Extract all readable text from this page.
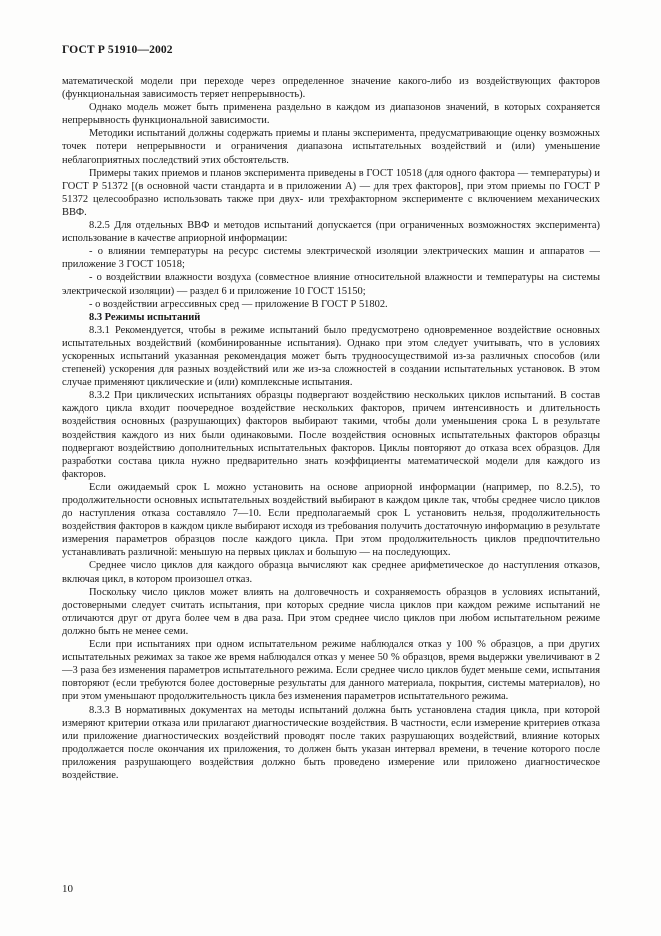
ГОСТ Р 51910—2002

математической модели при переходе через определенное значение какого-либо из воздействующих факторов (функциональная зависимость теряет непрерывность).

Однако модель может быть применена раздельно в каждом из диапазонов значений, в которых сохраняется непрерывность функциональной зависимости.

Методики испытаний должны содержать приемы и планы эксперимента, предусматривающие оценку возможных точек потери непрерывности и ограничения диапазона испытательных воздействий и (или) уменьшение неблагоприятных последствий этих обстоятельств.

Примеры таких приемов и планов эксперимента приведены в ГОСТ 10518 (для одного фактора — температуры) и ГОСТ Р 51372 [(в основной части стандарта и в приложении А) — для трех факторов], при этом приемы по ГОСТ Р 51372 целесообразно использовать также при двух- или трехфакторном эксперименте с включением механических ВВФ.

8.2.5 Для отдельных ВВФ и методов испытаний допускается (при ограниченных возможностях эксперимента) использование в качестве априорной информации:

- о влиянии температуры на ресурс системы электрической изоляции электрических машин и аппаратов — приложение 3 ГОСТ 10518;

- о воздействии влажности воздуха (совместное влияние относительной влажности и температуры на системы электрической изоляции) — раздел 6 и приложение 10 ГОСТ 15150;

- о воздействии агрессивных сред — приложение В ГОСТ Р 51802.

8.3 Режимы испытаний

8.3.1 Рекомендуется, чтобы в режиме испытаний было предусмотрено одновременное воздействие основных испытательных воздействий (комбинированные испытания). Однако при этом следует учитывать, что в условиях ускоренных испытаний указанная рекомендация может быть трудноосуществимой из-за различных способов (или степеней) ускорения для разных воздействий или же из-за сложностей в создании испытательных установок. В этом случае применяют циклические и (или) комплексные испытания.

8.3.2 При циклических испытаниях образцы подвергают воздействию нескольких циклов испытаний. В состав каждого цикла входит поочередное воздействие нескольких факторов, причем интенсивность и длительность воздействия основных (разрушающих) факторов выбирают такими, чтобы доли уменьшения срока L в результате воздействия каждого из них были одинаковыми. После воздействия основных испытательных факторов образцы подвергают воздействию дополнительных испытательных факторов. Циклы повторяют до отказа всех образцов. Для разработки состава цикла нужно предварительно знать коэффициенты математической модели для каждого из факторов.

Если ожидаемый срок L можно установить на основе априорной информации (например, по 8.2.5), то продолжительности основных испытательных воздействий выбирают в каждом цикле так, чтобы среднее число циклов до наступления отказа составляло 7—10. Если предполагаемый срок L установить нельзя, продолжительность воздействия факторов в каждом цикле выбирают исходя из требования получить достаточную информацию в результате измерения параметров образцов после каждого цикла. При этом продолжительность циклов предпочтительно устанавливать различной: меньшую на первых циклах и большую — на последующих.

Среднее число циклов для каждого образца вычисляют как среднее арифметическое до наступления отказов, включая цикл, в котором произошел отказ.

Поскольку число циклов может влиять на долговечность и сохраняемость образцов в условиях испытаний, достоверными следует считать испытания, при которых средние числа циклов при каждом режиме испытаний не отличаются друг от друга более чем в два раза. При этом среднее число циклов при любом испытательном режиме должно быть не менее семи.

Если при испытаниях при одном испытательном режиме наблюдался отказ у 100 % образцов, а при других испытательных режимах за такое же время наблюдался отказ у менее 50 % образцов, время выдержки увеличивают в 2—3 раза без изменения параметров испытательного режима. Если среднее число циклов будет меньше семи, испытания повторяют (если требуются более достоверные результаты для данного материала, покрытия, системы материалов), но при этом уменьшают продолжительность цикла без изменения параметров испытательного режима.

8.3.3 В нормативных документах на методы испытаний должна быть установлена стадия цикла, при которой измеряют критерии отказа или прилагают диагностические воздействия. В частности, если измерение критериев отказа или приложение диагностических воздействий проводят после таких разрушающих воздействий, влияние которых продолжается после окончания их приложения, то должен быть указан интервал времени, в течение которого после приложения разрушающего воздействия должно быть проведено измерение или приложено диагностическое воздействие.

10
